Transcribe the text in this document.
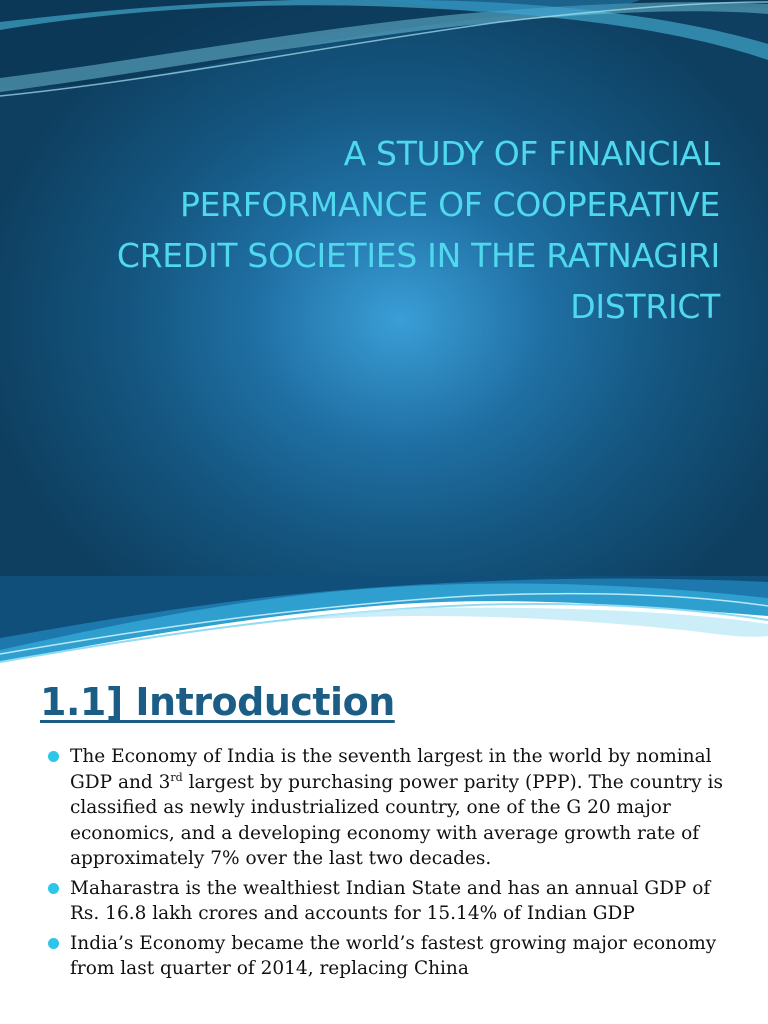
A STUDY OF FINANCIAL
PERFORMANCE OF COOPERATIVE
CREDIT SOCIETIES IN THE RATNAGIRI
DISTRICT
1.1] Introduction
The Economy of India is the seventh largest in the world by nominal GDP and 3rd largest by purchasing power parity (PPP). The country is classified as newly industrialized country, one of the G 20 major economics, and a developing economy with average growth rate of approximately 7% over the last two decades.
Maharastra is the wealthiest Indian State and has an annual GDP of Rs. 16.8 lakh crores and accounts for 15.14% of Indian GDP
India’s Economy became the world’s fastest growing major economy from last quarter of 2014, replacing China
